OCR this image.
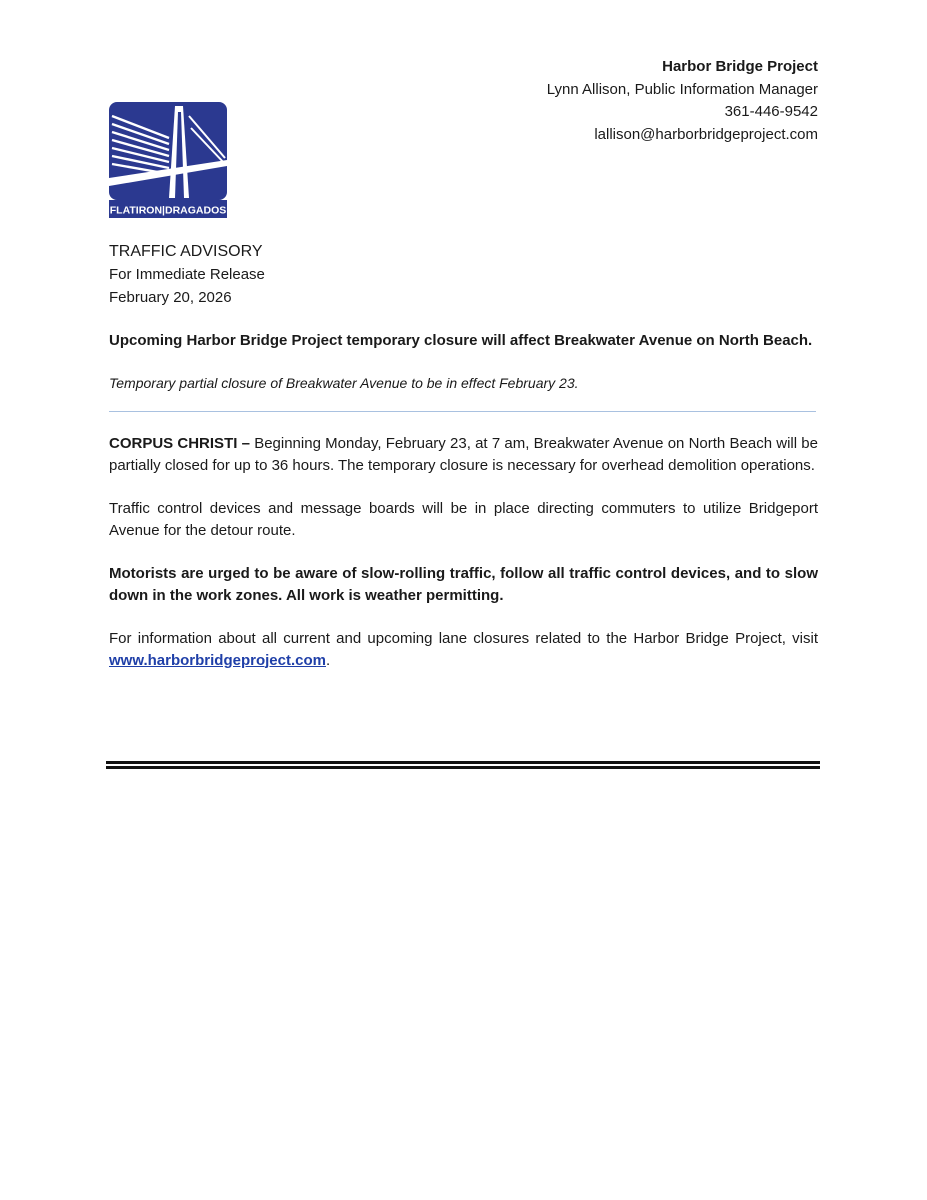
Harbor Bridge Project
Lynn Allison, Public Information Manager
361-446-9542
lallison@harborbridgeproject.com
FLATIRON|DRAGADOS
TRAFFIC ADVISORY
For Immediate Release
February 20, 2026
Upcoming Harbor Bridge Project temporary closure will affect Breakwater Avenue on North Beach.
Temporary partial closure of Breakwater Avenue to be in effect February 23.

CORPUS CHRISTI – Beginning Monday, February 23, at 7 am, Breakwater Avenue on North Beach will be partially closed for up to 36 hours. The temporary closure is necessary for overhead demolition operations.

Traffic control devices and message boards will be in place directing commuters to utilize Bridgeport Avenue for the detour route.

Motorists are urged to be aware of slow-rolling traffic, follow all traffic control devices, and to slow down in the work zones. All work is weather permitting.

For information about all current and upcoming lane closures related to the Harbor Bridge Project, visit www.harborbridgeproject.com.
